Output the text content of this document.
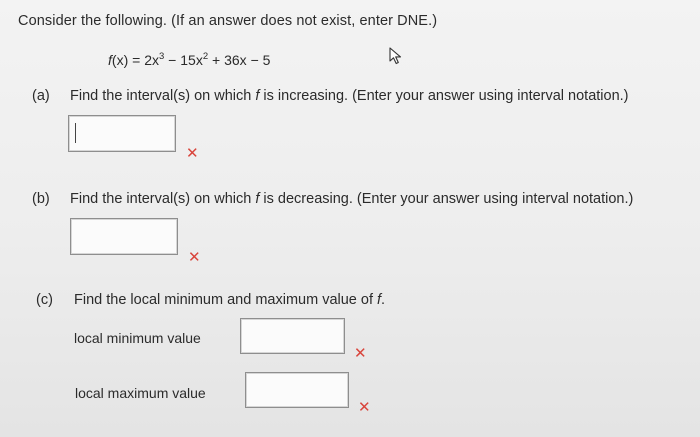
Consider the following. (If an answer does not exist, enter DNE.)
$f(x) = 2x^3 - 15x^2 + 36x - 5$
(a) Find the interval(s) on which f is increasing. (Enter your answer using interval notation.)
✕
(b) Find the interval(s) on which f is decreasing. (Enter your answer using interval notation.)
✕
(c) Find the local minimum and maximum value of f.
local minimum value
✕
local maximum value
✕
